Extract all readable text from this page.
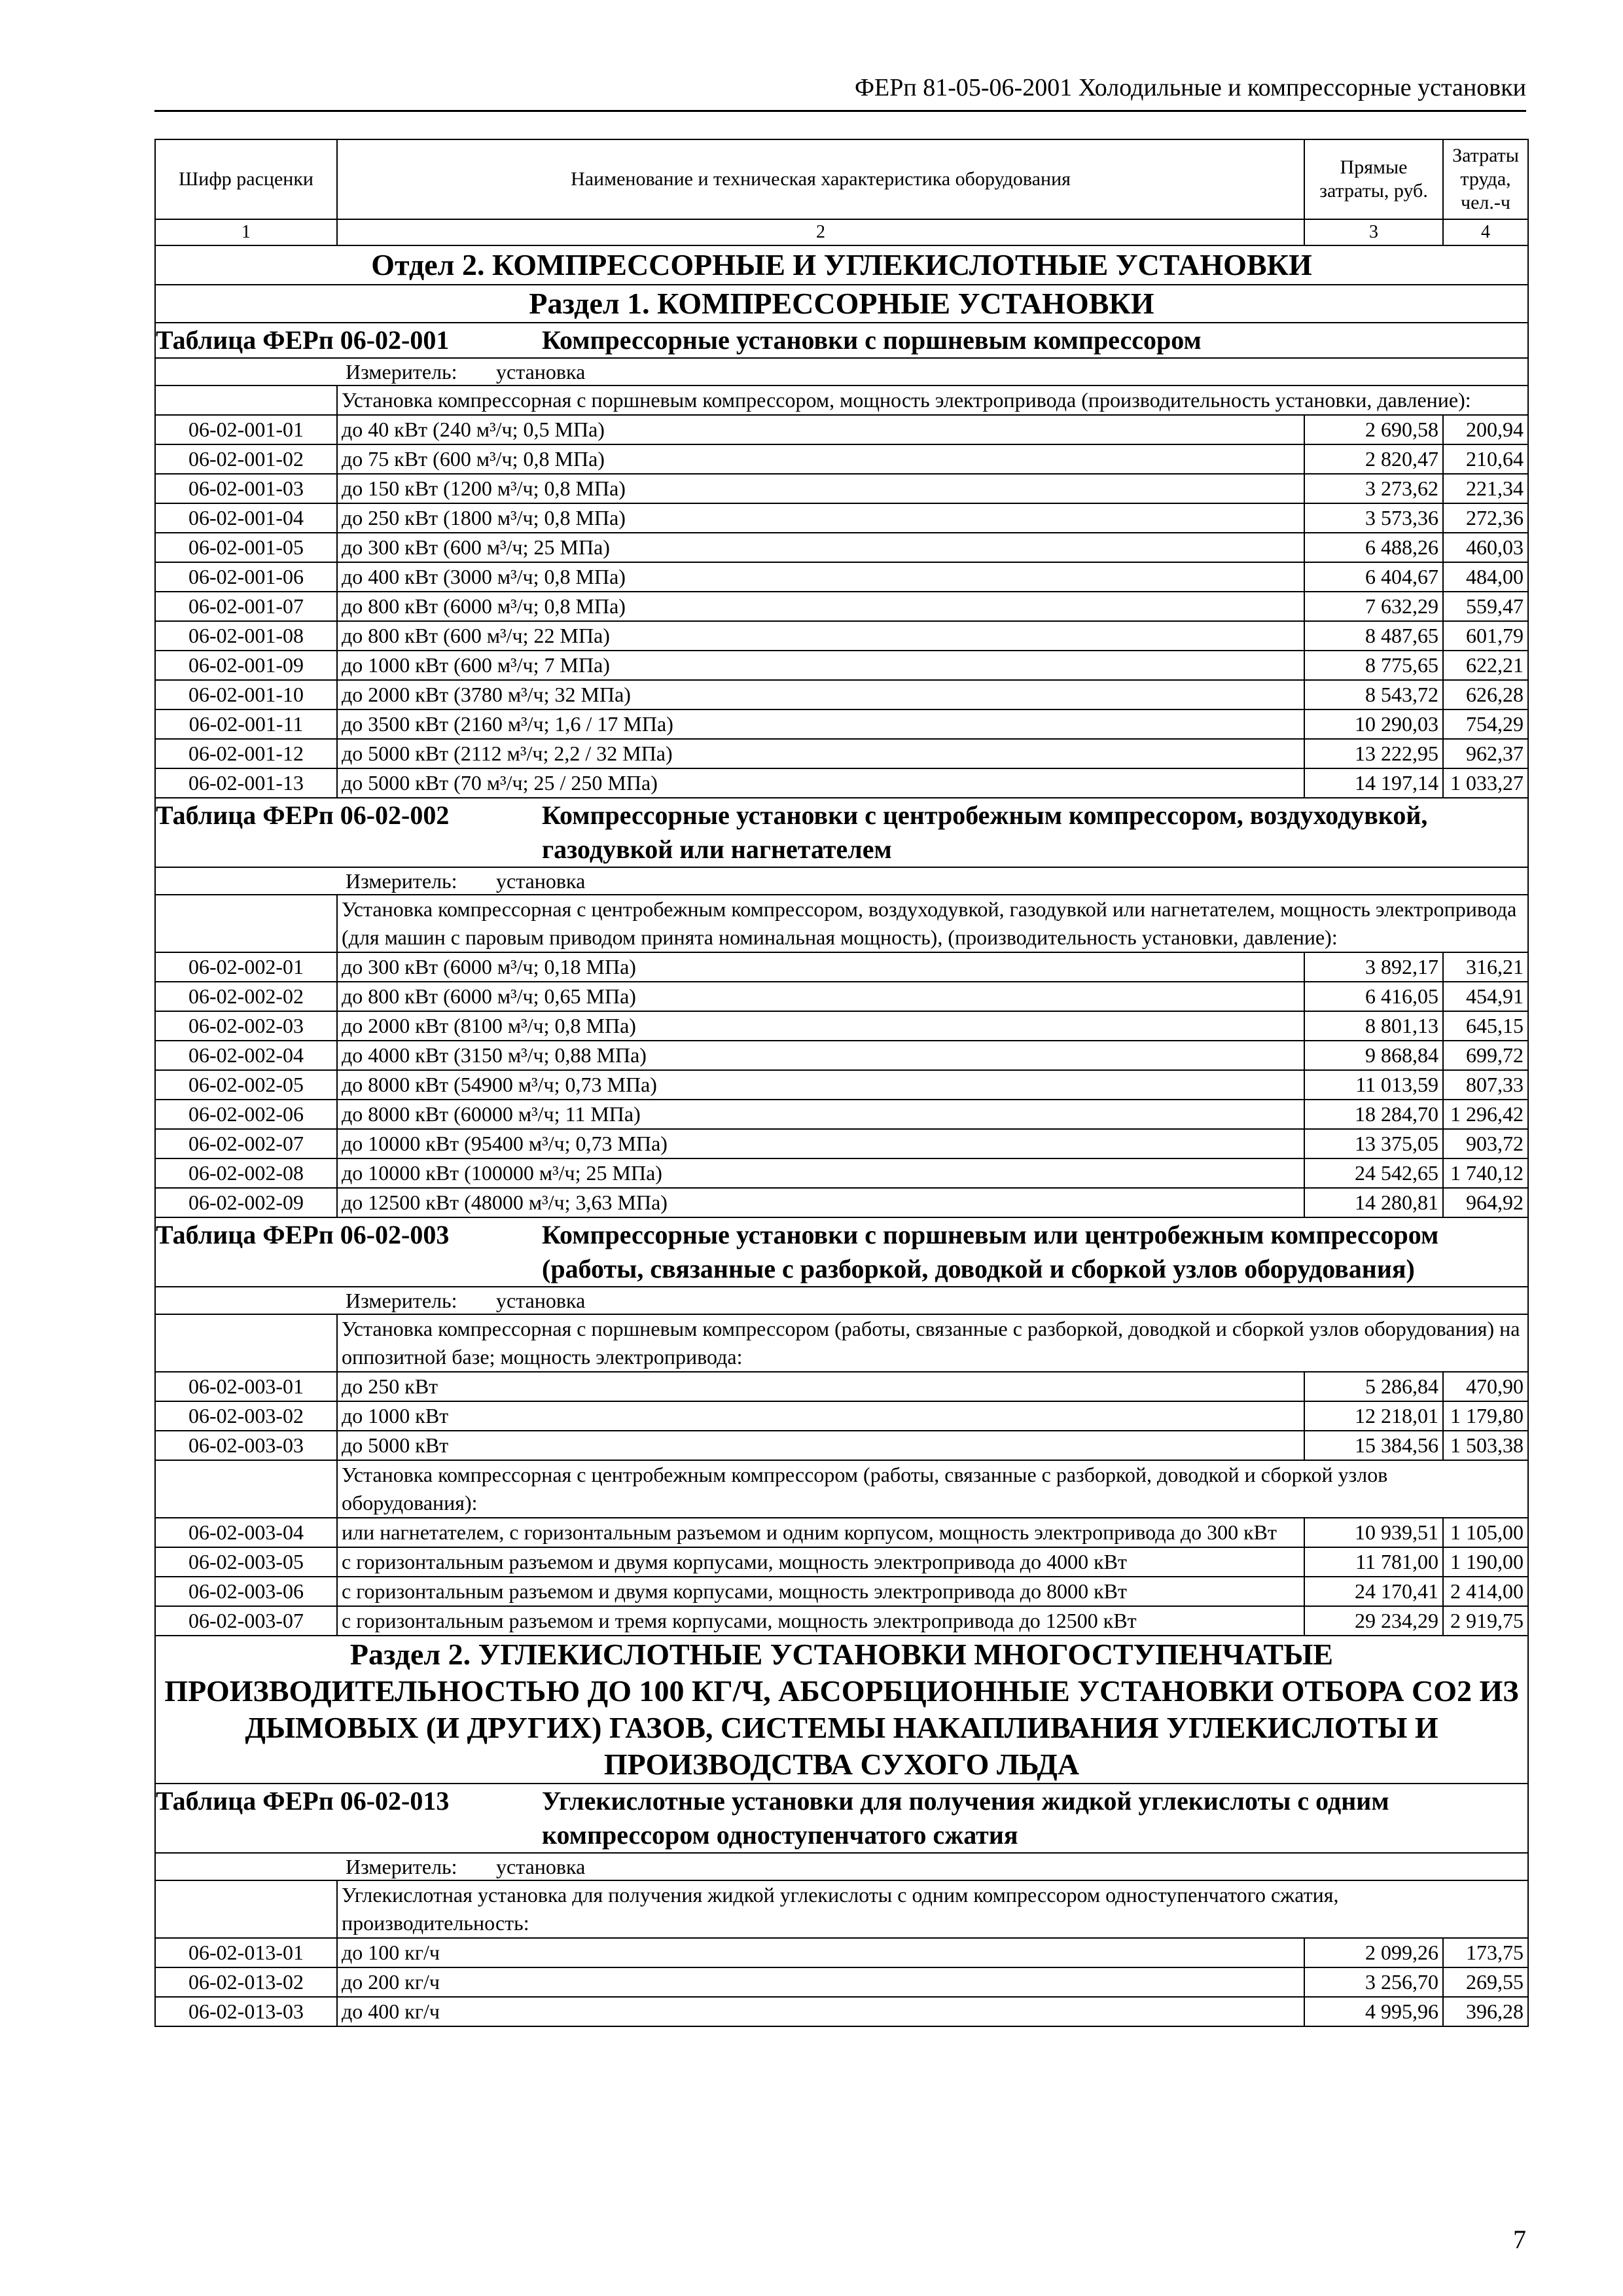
ФЕРп 81-05-06-2001 Холодильные и компрессорные установки
Шифр расценки	Наименование и техническая характеристика оборудования	Прямые затраты, руб.	Затраты труда, чел.-ч
1	2	3	4
Отдел 2. КОМПРЕССОРНЫЕ И УГЛЕКИСЛОТНЫЕ УСТАНОВКИ			
Раздел 1. КОМПРЕССОРНЫЕ УСТАНОВКИ			
Таблица ФЕРп 06-02-001 Компрессорные установки с поршневым компрессором			
Измеритель: установка			
	Установка компрессорная с поршневым компрессором, мощность электропривода (производительность установки, давление):		
06-02-001-01	до 40 кВт (240 м³/ч; 0,5 МПа)	2 690,58	200,94
06-02-001-02	до 75 кВт (600 м³/ч; 0,8 МПа)	2 820,47	210,64
06-02-001-03	до 150 кВт (1200 м³/ч; 0,8 МПа)	3 273,62	221,34
06-02-001-04	до 250 кВт (1800 м³/ч; 0,8 МПа)	3 573,36	272,36
06-02-001-05	до 300 кВт (600 м³/ч; 25 МПа)	6 488,26	460,03
06-02-001-06	до 400 кВт (3000 м³/ч; 0,8 МПа)	6 404,67	484,00
06-02-001-07	до 800 кВт (6000 м³/ч; 0,8 МПа)	7 632,29	559,47
06-02-001-08	до 800 кВт (600 м³/ч; 22 МПа)	8 487,65	601,79
06-02-001-09	до 1000 кВт (600 м³/ч; 7 МПа)	8 775,65	622,21
06-02-001-10	до 2000 кВт (3780 м³/ч; 32 МПа)	8 543,72	626,28
06-02-001-11	до 3500 кВт (2160 м³/ч; 1,6 / 17 МПа)	10 290,03	754,29
06-02-001-12	до 5000 кВт (2112 м³/ч; 2,2 / 32 МПа)	13 222,95	962,37
06-02-001-13	до 5000 кВт (70 м³/ч; 25 / 250 МПа)	14 197,14	1 033,27
Таблица ФЕРп 06-02-002 Компрессорные установки с центробежным компрессором, воздуходувкой, газодувкой или нагнетателем			
Измеритель: установка			
	Установка компрессорная с центробежным компрессором, воздуходувкой, газодувкой или нагнетателем, мощность электропривода (для машин с паровым приводом принята номинальная мощность), (производительность установки, давление):		
06-02-002-01	до 300 кВт (6000 м³/ч; 0,18 МПа)	3 892,17	316,21
06-02-002-02	до 800 кВт (6000 м³/ч; 0,65 МПа)	6 416,05	454,91
06-02-002-03	до 2000 кВт (8100 м³/ч; 0,8 МПа)	8 801,13	645,15
06-02-002-04	до 4000 кВт (3150 м³/ч; 0,88 МПа)	9 868,84	699,72
06-02-002-05	до 8000 кВт (54900 м³/ч; 0,73 МПа)	11 013,59	807,33
06-02-002-06	до 8000 кВт (60000 м³/ч; 11 МПа)	18 284,70	1 296,42
06-02-002-07	до 10000 кВт (95400 м³/ч; 0,73 МПа)	13 375,05	903,72
06-02-002-08	до 10000 кВт (100000 м³/ч; 25 МПа)	24 542,65	1 740,12
06-02-002-09	до 12500 кВт (48000 м³/ч; 3,63 МПа)	14 280,81	964,92
Таблица ФЕРп 06-02-003 Компрессорные установки с поршневым или центробежным компрессором (работы, связанные с разборкой, доводкой и сборкой узлов оборудования)			
Измеритель: установка			
	Установка компрессорная с поршневым компрессором (работы, связанные с разборкой, доводкой и сборкой узлов оборудования) на оппозитной базе; мощность электропривода:		
06-02-003-01	до 250 кВт	5 286,84	470,90
06-02-003-02	до 1000 кВт	12 218,01	1 179,80
06-02-003-03	до 5000 кВт	15 384,56	1 503,38
	Установка компрессорная с центробежным компрессором (работы, связанные с разборкой, доводкой и сборкой узлов оборудования):		
06-02-003-04	или нагнетателем, с горизонтальным разъемом и одним корпусом, мощность электропривода до 300 кВт	10 939,51	1 105,00
06-02-003-05	с горизонтальным разъемом и двумя корпусами, мощность электропривода до 4000 кВт	11 781,00	1 190,00
06-02-003-06	с горизонтальным разъемом и двумя корпусами, мощность электропривода до 8000 кВт	24 170,41	2 414,00
06-02-003-07	с горизонтальным разъемом и тремя корпусами, мощность электропривода до 12500 кВт	29 234,29	2 919,75
Раздел 2. УГЛЕКИСЛОТНЫЕ УСТАНОВКИ МНОГОСТУПЕНЧАТЫЕ ПРОИЗВОДИТЕЛЬНОСТЬЮ ДО 100 КГ/Ч, АБСОРБЦИОННЫЕ УСТАНОВКИ ОТБОРА СО2 ИЗ ДЫМОВЫХ (И ДРУГИХ) ГАЗОВ, СИСТЕМЫ НАКАПЛИВАНИЯ УГЛЕКИСЛОТЫ И ПРОИЗВОДСТВА СУХОГО ЛЬДА			
Таблица ФЕРп 06-02-013 Углекислотные установки для получения жидкой углекислоты с одним компрессором одноступенчатого сжатия			
Измеритель: установка			
	Углекислотная установка для получения жидкой углекислоты с одним компрессором одноступенчатого сжатия, производительность:		
06-02-013-01	до 100 кг/ч	2 099,26	173,75
06-02-013-02	до 200 кг/ч	3 256,70	269,55
06-02-013-03	до 400 кг/ч	4 995,96	396,28
7
